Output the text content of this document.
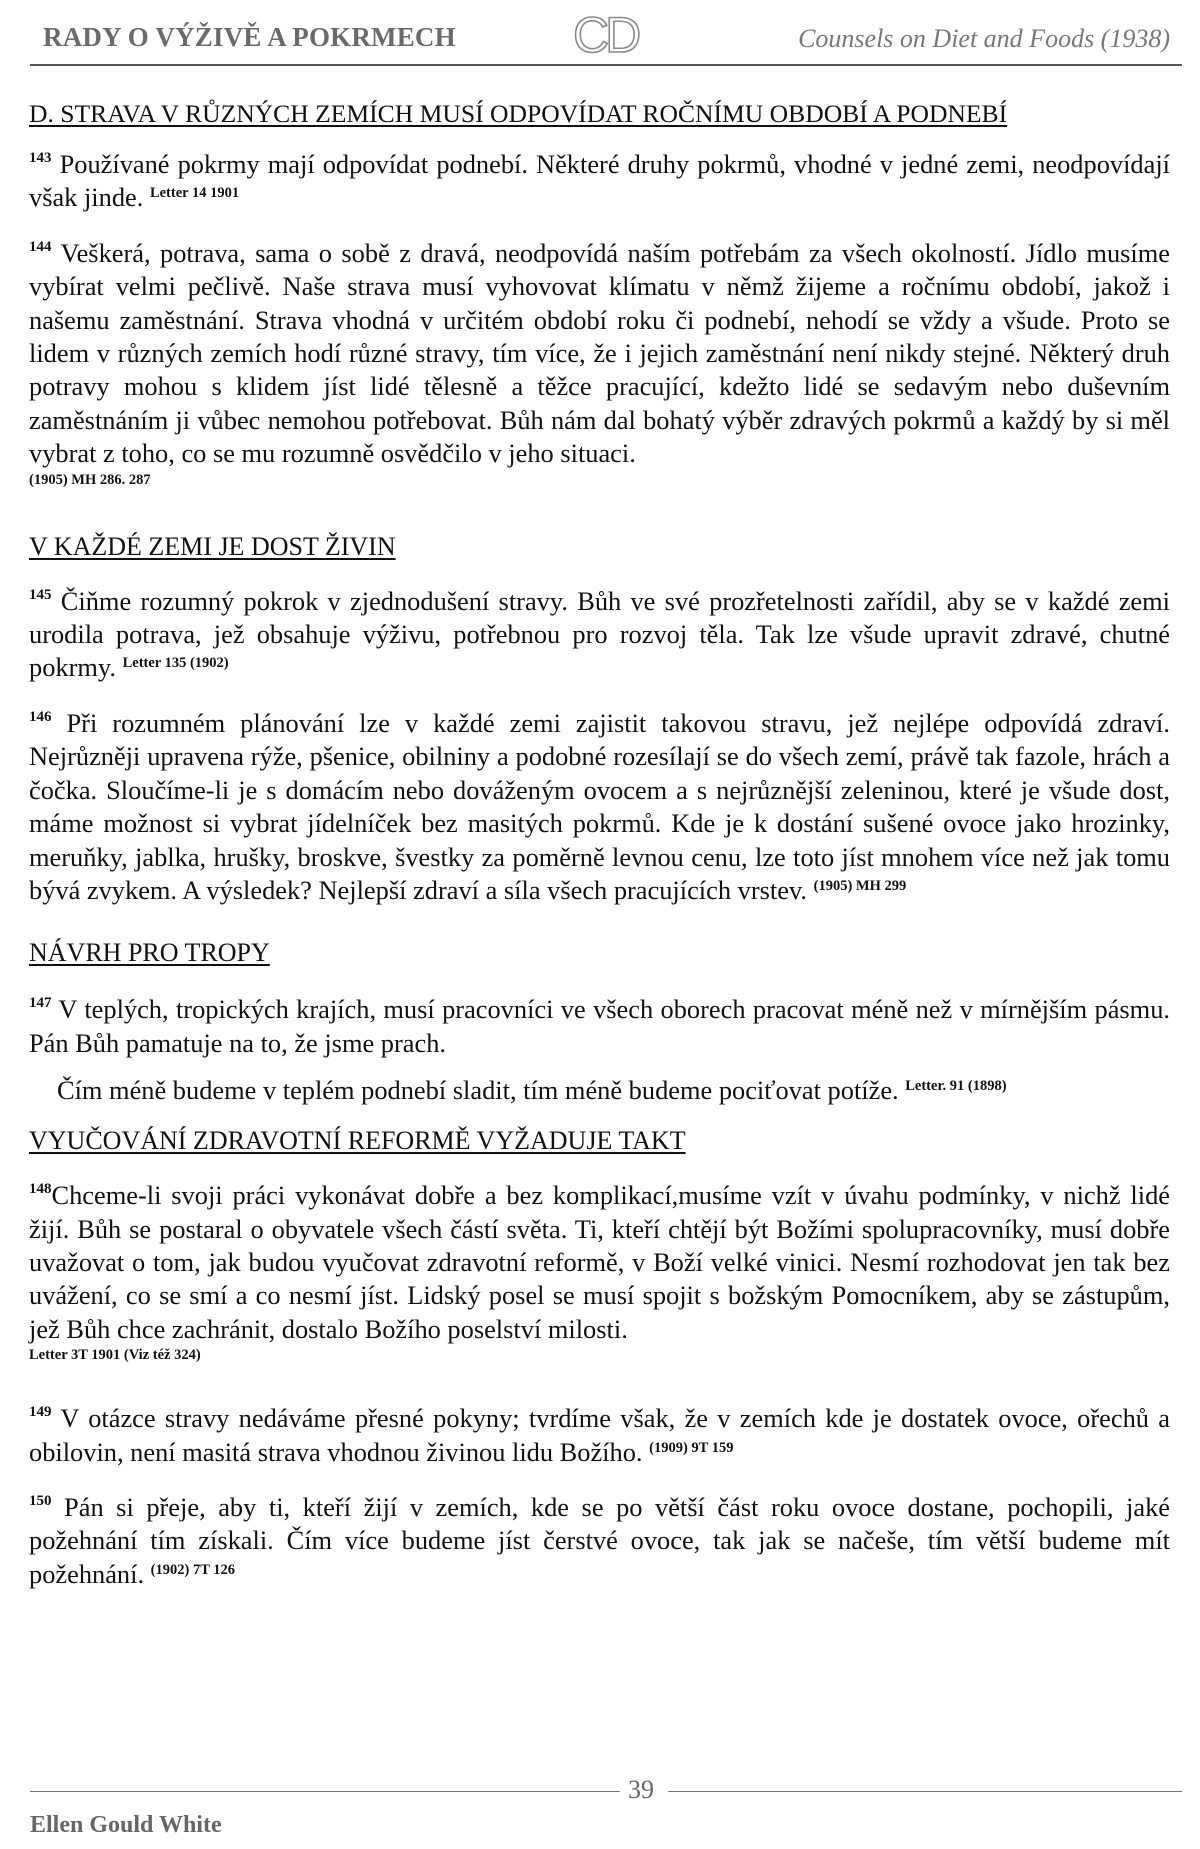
RADY O VÝŽIVĚ A POKRMECH CD	Counsels on Diet and Foods (1938)

D. STRAVA V RŮZNÝCH ZEMÍCH MUSÍ ODPOVÍDAT ROČNÍMU OBDOBÍ A PODNEBÍ

$^{143}$ Používané pokrmy mají odpovídat podnebí. Některé druhy pokrmů, vhodné v jedné zemi, neodpovídají však jinde. $^{Letter 14 1901}$

$^{144}$ Veškerá, potrava, sama o sobě z dravá, neodpovídá naším potřebám za všech okolností. Jídlo musíme vybírat velmi pečlivě. Naše strava musí vyhovovat klímatu v němž žijeme a ročnímu období, jakož i našemu zaměstnání. Strava vhodná v určitém období roku či podnebí, nehodí se vždy a všude. Proto se lidem v různých zemích hodí různé stravy, tím více, že i jejich zaměstnání není nikdy stejné. Některý druh potravy mohou s klidem jíst lidé tělesně a těžce pracující, kdežto lidé se sedavým nebo duševním zaměstnáním ji vůbec nemohou potřebovat. Bůh nám dal bohatý výběr zdravých pokrmů a každý by si měl vybrat z toho, co se mu rozumně osvědčilo v jeho situaci.

(1905) MH 286. 287

V KAŽDÉ ZEMI JE DOST ŽIVIN

$^{145}$ Čiňme rozumný pokrok v zjednodušení stravy. Bůh ve své prozřetelnosti zařídil, aby se v každé zemi urodila potrava, jež obsahuje výživu, potřebnou pro rozvoj těla. Tak lze všude upravit zdravé, chutné pokrmy. $^{Letter 135 (1902)}$

$^{146}$ Při rozumném plánování lze v každé zemi zajistit takovou stravu, jež nejlépe odpovídá zdraví. Nejrůzněji upravena rýže, pšenice, obilniny a podobné rozesílají se do všech zemí, právě tak fazole, hrách a čočka. Sloučíme-li je s domácím nebo dováženým ovocem a s nejrůznější zeleninou, které je všude dost, máme možnost si vybrat jídelníček bez masitých pokrmů. Kde je k dostání sušené ovoce jako hrozinky, meruňky, jablka, hrušky, broskve, švestky za poměrně levnou cenu, lze toto jíst mnohem více než jak tomu bývá zvykem. A výsledek? Nejlepší zdraví a síla všech pracujících vrstev. $^{(1905) MH 299}$

NÁVRH PRO TROPY

$^{147}$ V teplých, tropických krajích, musí pracovníci ve všech oborech pracovat méně než v mírnějším pásmu. Pán Bůh pamatuje na to, že jsme prach.

Čím méně budeme v teplém podnebí sladit, tím méně budeme pociťovat potíže. $^{Letter. 91 (1898)}$

VYUČOVÁNÍ ZDRAVOTNÍ REFORMĚ VYŽADUJE TAKT

$^{148}$Chceme-li svoji práci vykonávat dobře a bez komplikací,musíme vzít v úvahu podmínky, v nichž lidé žijí. Bůh se postaral o obyvatele všech částí světa. Ti, kteří chtějí být Božími spolupracovníky, musí dobře uvažovat o tom, jak budou vyučovat zdravotní reformě, v Boží velké vinici. Nesmí rozhodovat jen tak bez uvážení, co se smí a co nesmí jíst. Lidský posel se musí spojit s božským Pomocníkem, aby se zástupům, jež Bůh chce zachránit, dostalo Božího poselství milosti.

Letter 3T 1901 (Viz též 324)

$^{149}$ V otázce stravy nedáváme přesné pokyny; tvrdíme však, že v zemích kde je dostatek ovoce, ořechů a obilovin, není masitá strava vhodnou živinou lidu Božího. $^{(1909) 9T 159}$

$^{150}$ Pán si přeje, aby ti, kteří žijí v zemích, kde se po větší část roku ovoce dostane, pochopili, jaké požehnání tím získali. Čím více budeme jíst čerstvé ovoce, tak jak se načeše, tím větší budeme mít požehnání. $^{(1902) 7T 126}$

39
Ellen Gould White
